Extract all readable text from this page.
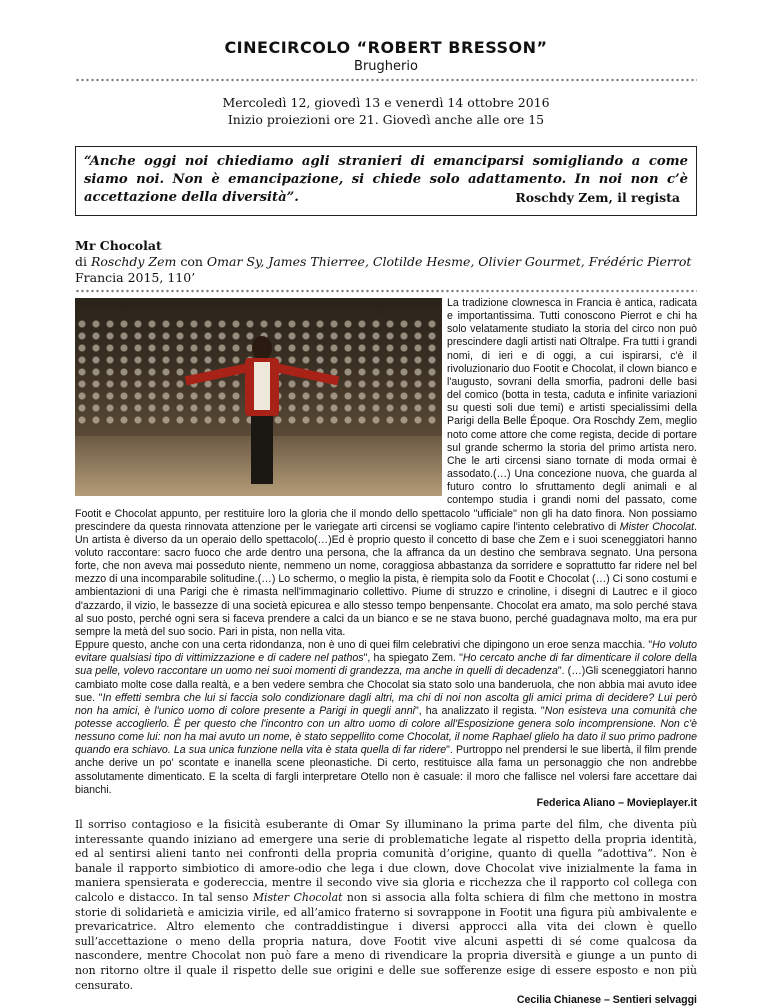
CINECIRCOLO “ROBERT BRESSON”

Brugherio

Mercoledì 12, giovedì 13 e venerdì 14 ottobre 2016
Inizio proiezioni ore 21. Giovedì anche alle ore 15
“Anche oggi noi chiediamo agli stranieri di emanciparsi somigliando a come siamo noi. Non è emancipazione, si chiede solo adattamento. In noi non c’è accettazione della diversità”.	Roschdy Zem, il regista
Mr Chocolat
di Roschdy Zem con Omar Sy, James Thierree, Clotilde Hesme, Olivier Gourmet, Frédéric Pierrot
Francia 2015, 110’

La tradizione clownesca in Francia è antica, radicata e importantissima. Tutti conoscono Pierrot e chi ha solo velatamente studiato la storia del circo non può prescindere dagli artisti nati Oltralpe. Fra tutti i grandi nomi, di ieri e di oggi, a cui ispirarsi, c'è il rivoluzionario duo Footit e Chocolat, il clown bianco e l'augusto, sovrani della smorfia, padroni delle basi del comico (botta in testa, caduta e infinite variazioni su questi soli due temi) e artisti specialissimi della Parigi della Belle Époque. Ora Roschdy Zem, meglio noto come attore che come regista, decide di portare sul grande schermo la storia del primo artista nero. Che le arti circensi siano tornate di moda ormai è assodato.(…) Una concezione nuova, che guarda al futuro contro lo sfruttamento degli animali e al contempo studia i grandi nomi del passato, come Footit e Chocolat appunto, per restituire loro la gloria che il mondo dello spettacolo "ufficiale" non gli ha dato finora. Non possiamo prescindere da questa rinnovata attenzione per le variegate arti circensi se vogliamo capire l'intento celebrativo di Mister Chocolat. Un artista è diverso da un operaio dello spettacolo(…)Ed è proprio questo il concetto di base che Zem e i suoi sceneggiatori hanno voluto raccontare: sacro fuoco che arde dentro una persona, che la affranca da un destino che sembrava segnato. Una persona forte, che non aveva mai posseduto niente, nemmeno un nome, coraggiosa abbastanza da sorridere e soprattutto far ridere nel bel mezzo di una incomparabile solitudine.(…) Lo schermo, o meglio la pista, è riempita solo da Footit e Chocolat (…) Ci sono costumi e ambientazioni di una Parigi che è rimasta nell'immaginario collettivo. Piume di struzzo e crinoline, i disegni di Lautrec e il gioco d'azzardo, il vizio, le bassezze di una società epicurea e allo stesso tempo benpensante. Chocolat era amato, ma solo perché stava al suo posto, perché ogni sera si faceva prendere a calci da un bianco e se ne stava buono, perché guadagnava molto, ma era pur sempre la metà del suo socio. Pari in pista, non nella vita.

Eppure questo, anche con una certa ridondanza, non è uno di quei film celebrativi che dipingono un eroe senza macchia. "Ho voluto evitare qualsiasi tipo di vittimizzazione e di cadere nel pathos", ha spiegato Zem. "Ho cercato anche di far dimenticare il colore della sua pelle, volevo raccontare un uomo nei suoi momenti di grandezza, ma anche in quelli di decadenza". (…)Gli sceneggiatori hanno cambiato molte cose dalla realtà, e a ben vedere sembra che Chocolat sia stato solo una banderuola, che non abbia mai avuto idee sue. "In effetti sembra che lui si faccia solo condizionare dagli altri, ma chi di noi non ascolta gli amici prima di decidere? Lui però non ha amici, è l'unico uomo di colore presente a Parigi in quegli anni", ha analizzato il regista. "Non esisteva una comunità che potesse accoglierlo. È per questo che l'incontro con un altro uomo di colore all'Esposizione genera solo incomprensione. Non c'è nessuno come lui: non ha mai avuto un nome, è stato seppellito come Chocolat, il nome Raphael glielo ha dato il suo primo padrone quando era schiavo. La sua unica funzione nella vita è stata quella di far ridere". Purtroppo nel prendersi le sue libertà, il film prende anche derive un po' scontate e inanella scene pleonastiche. Di certo, restituisce alla fama un personaggio che non andrebbe assolutamente dimenticato. E la scelta di fargli interpretare Otello non è casuale: il moro che fallisce nel volersi fare accettare dai bianchi.

Federica Aliano – Movieplayer.it

Il sorriso contagioso e la fisicità esuberante di Omar Sy illuminano la prima parte del film, che diventa più interessante quando iniziano ad emergere una serie di problematiche legate al rispetto della propria identità, ed al sentirsi alieni tanto nei confronti della propria comunità d’origine, quanto di quella “adottiva”. Non è banale il rapporto simbiotico di amore-odio che lega i due clown, dove Chocolat vive inizialmente la fama in maniera spensierata e godereccia, mentre il secondo vive sia gloria e ricchezza che il rapporto col collega con calcolo e distacco. In tal senso Mister Chocolat non si associa alla folta schiera di film che mettono in mostra storie di solidarietà e amicizia virile, ed all’amico fraterno si sovrappone in Footit una figura più ambivalente e prevaricatrice. Altro elemento che contraddistingue i diversi approcci alla vita dei clown è quello sull’accettazione o meno della propria natura, dove Footit vive alcuni aspetti di sé come qualcosa da nascondere, mentre Chocolat non può fare a meno di rivendicare la propria diversità e giunge a un punto di non ritorno oltre il quale il rispetto delle sue origini e delle sue sofferenze esige di essere esposto e non più censurato.

Cecilia Chianese – Sentieri selvaggi
